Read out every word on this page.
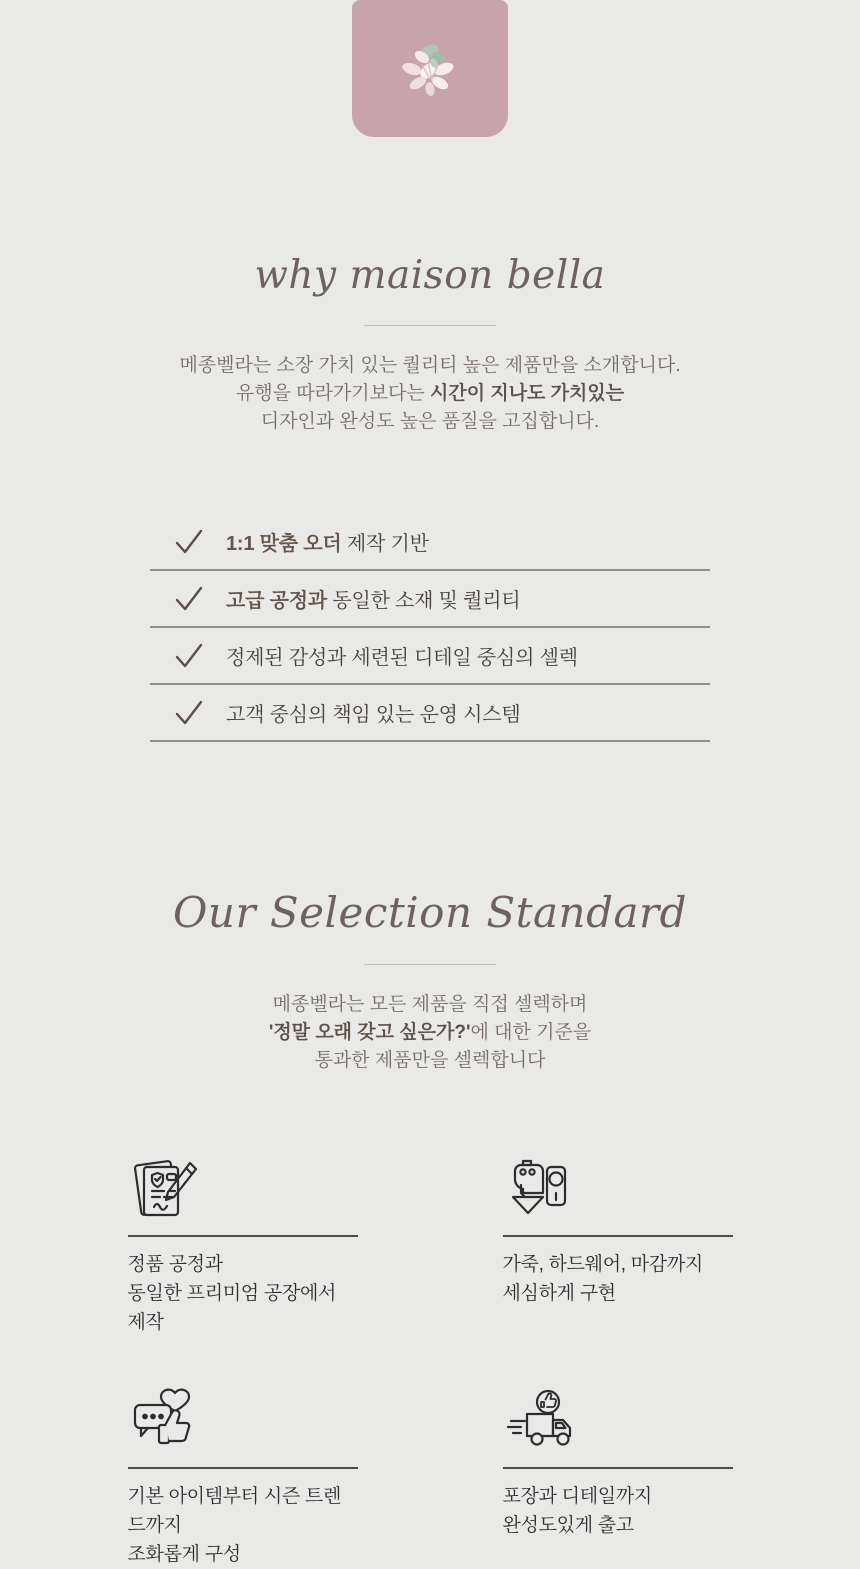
why maison bella

메종벨라는 소장 가치 있는 퀄리티 높은 제품만을 소개합니다.
유행을 따라가기보다는 시간이 지나도 가치있는
디자인과 완성도 높은 품질을 고집합니다.

1:1 맞춤 오더 제작 기반
고급 공정과 동일한 소재 및 퀄리티
정제된 감성과 세련된 디테일 중심의 셀렉
고객 중심의 책임 있는 운영 시스템
Our Selection Standard

메종벨라는 모든 제품을 직접 셀렉하며
'정말 오래 갖고 싶은가?'에 대한 기준을
통과한 제품만을 셀렉합니다

정품 공정과
동일한 프리미엄 공장에서 제작
가죽, 하드웨어, 마감까지
세심하게 구현
기본 아이템부터 시즌 트렌드까지
조화롭게 구성
포장과 디테일까지
완성도있게 출고
